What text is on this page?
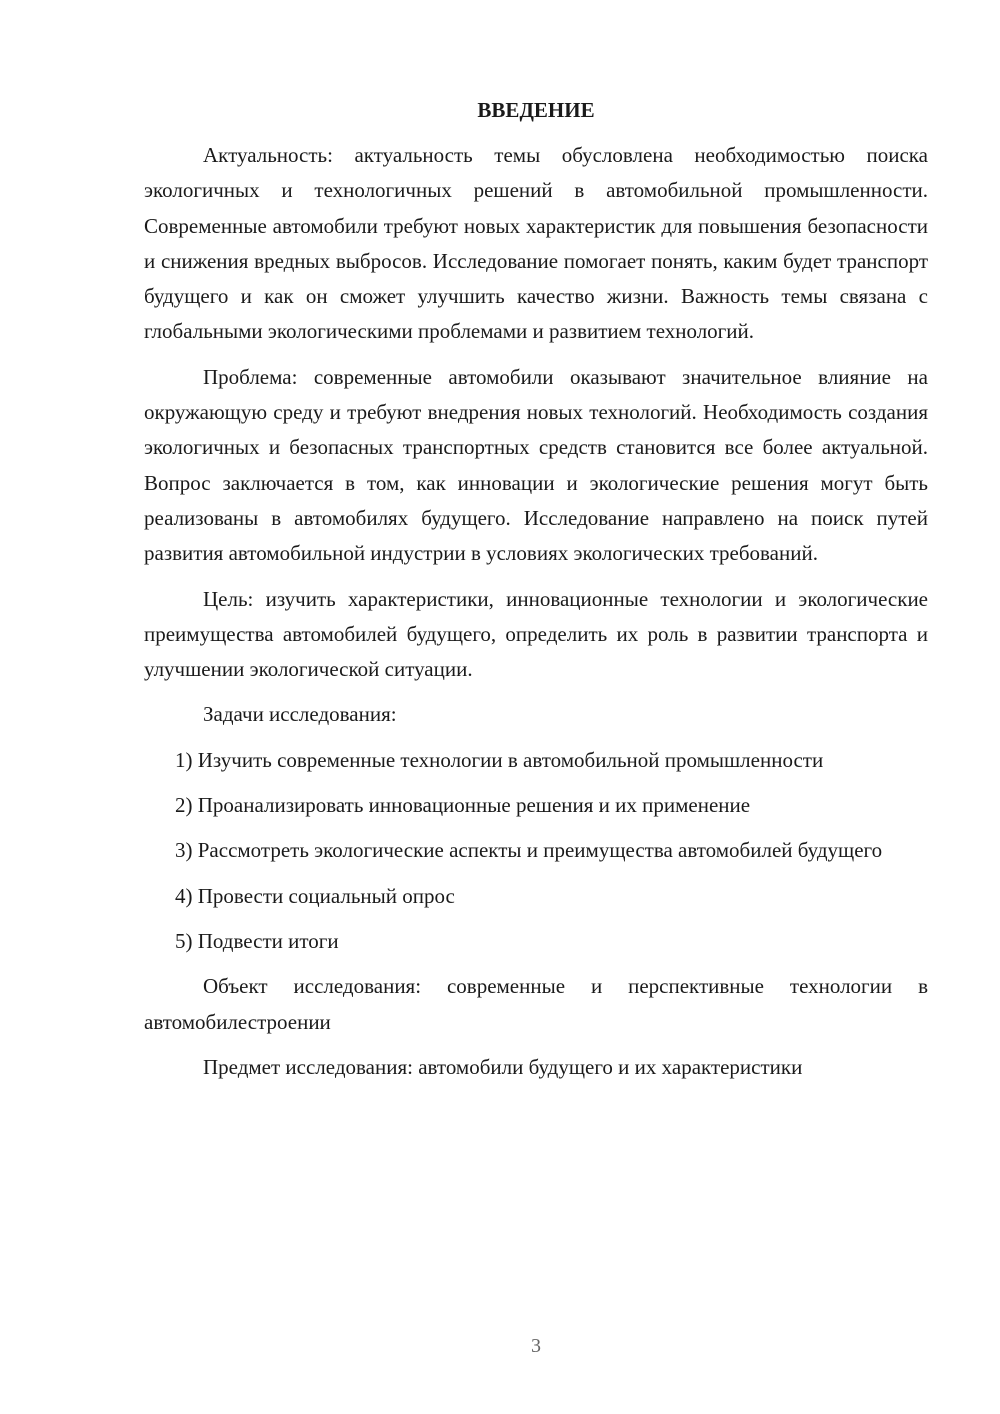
ВВЕДЕНИЕ

Актуальность: актуальность темы обусловлена необходимостью поиска экологичных и технологичных решений в автомобильной промышленности. Современные автомобили требуют новых характеристик для повышения безопасности и снижения вредных выбросов. Исследование помогает понять, каким будет транспорт будущего и как он сможет улучшить качество жизни. Важность темы связана с глобальными экологическими проблемами и развитием технологий.

Проблема: современные автомобили оказывают значительное влияние на окружающую среду и требуют внедрения новых технологий. Необходимость создания экологичных и безопасных транспортных средств становится все более актуальной. Вопрос заключается в том, как инновации и экологические решения могут быть реализованы в автомобилях будущего. Исследование направлено на поиск путей развития автомобильной индустрии в условиях экологических требований.

Цель: изучить характеристики, инновационные технологии и экологические преимущества автомобилей будущего, определить их роль в развитии транспорта и улучшении экологической ситуации.

Задачи исследования:

1) Изучить современные технологии в автомобильной промышленности

2) Проанализировать инновационные решения и их применение

3) Рассмотреть экологические аспекты и преимущества автомобилей будущего

4) Провести социальный опрос

5) Подвести итоги

Объект исследования: современные и перспективные технологии в автомобилестроении

Предмет исследования: автомобили будущего и их характеристики

3
